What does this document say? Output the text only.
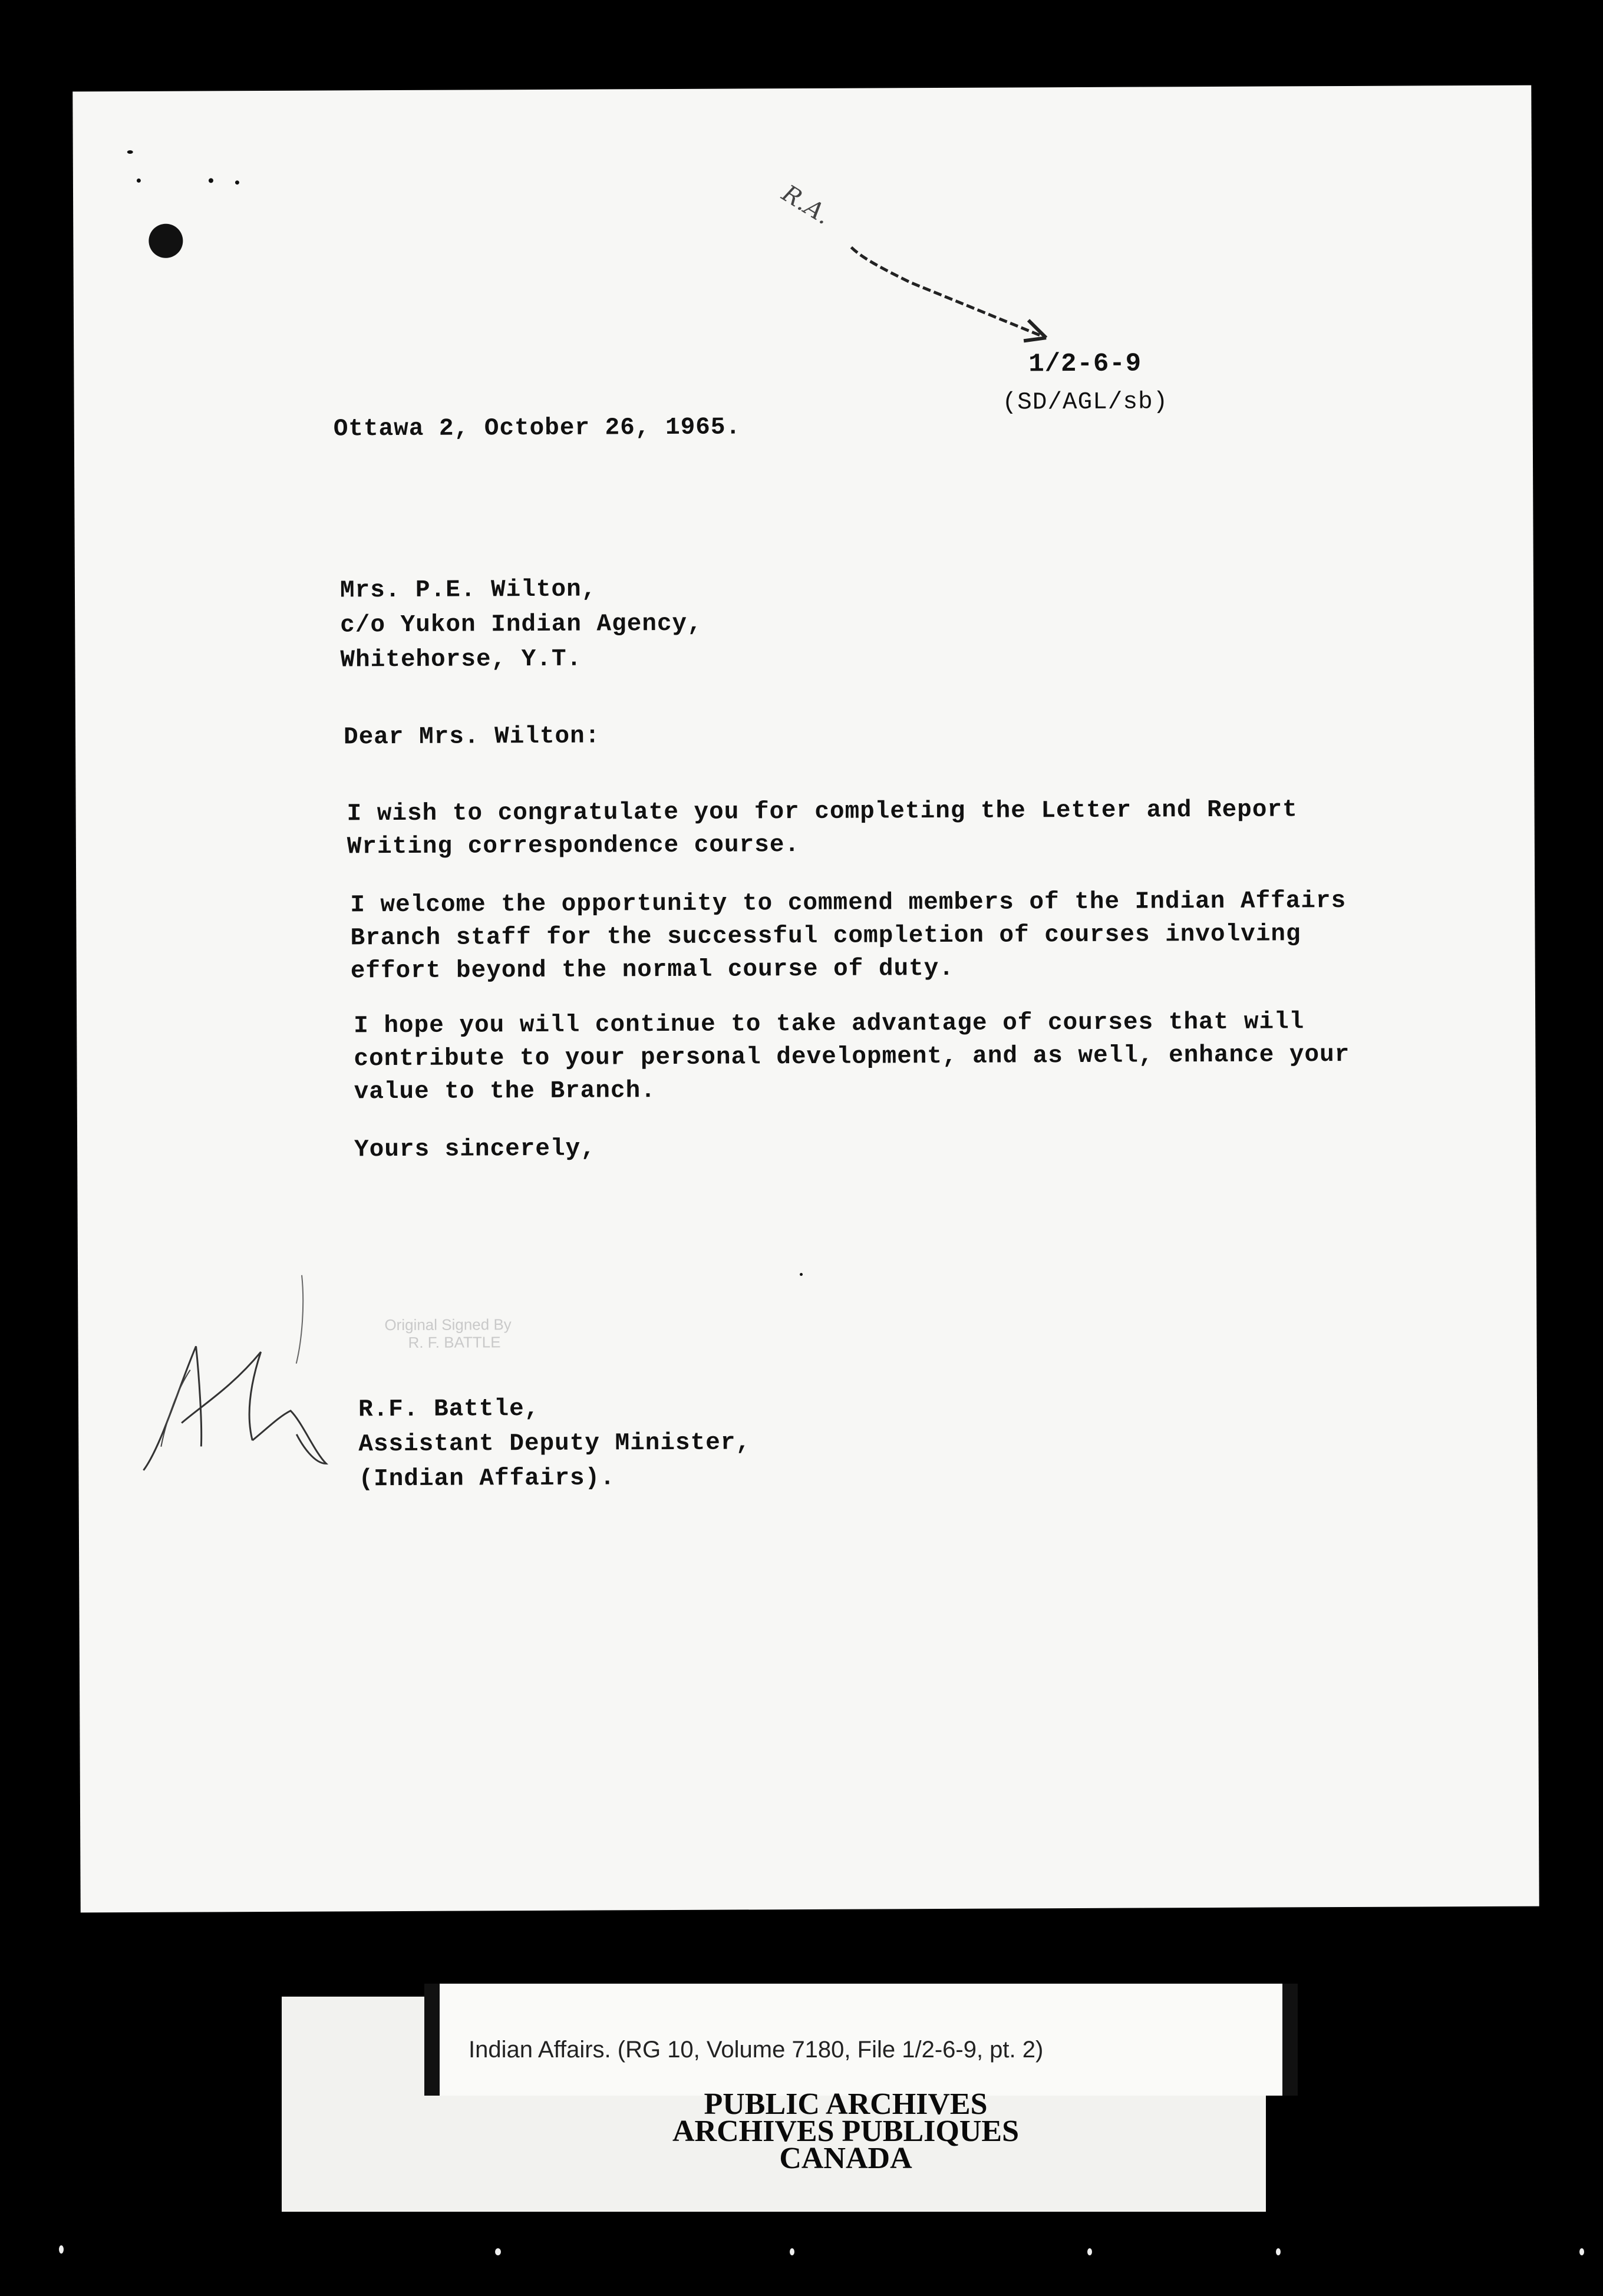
R.A.
1/2-6-9
(SD/AGL/sb)
Ottawa 2, October 26, 1965.
Mrs. P.E. Wilton,
c/o Yukon Indian Agency,
Whitehorse, Y.T.
Dear Mrs. Wilton:
I wish to congratulate you for completing the Letter and Report
Writing correspondence course.
I welcome the opportunity to commend members of the Indian Affairs
Branch staff for the successful completion of courses involving
effort beyond the normal course of duty.
I hope you will continue to take advantage of courses that will
contribute to your personal development, and as well, enhance your
value to the Branch.
Yours sincerely,
Original Signed By
R. F. BATTLE
R.F. Battle,
Assistant Deputy Minister,
(Indian Affairs).
Indian Affairs. (RG 10, Volume 7180, File 1/2-6-9, pt. 2)
PUBLIC ARCHIVES
ARCHIVES PUBLIQUES
CANADA
